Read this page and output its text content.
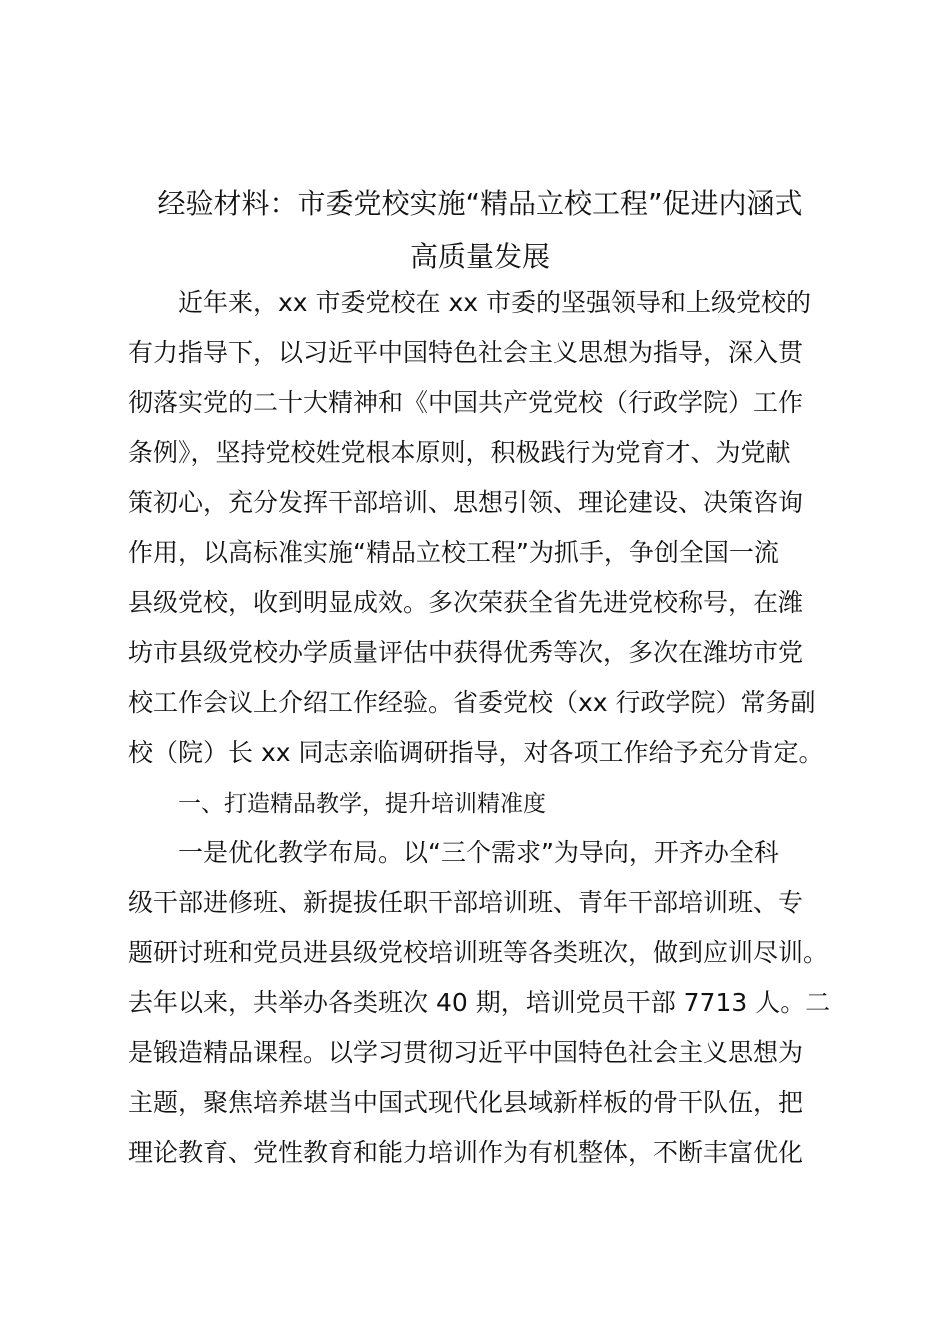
经验材料：市委党校实施“精品立校工程”促进内涵式
高质量发展
近年来，xx 市委党校在 xx 市委的坚强领导和上级党校的
有力指导下，以习近平中国特色社会主义思想为指导，深入贯
彻落实党的二十大精神和《中国共产党党校（行政学院）工作
条例》，坚持党校姓党根本原则，积极践行为党育才、为党献
策初心，充分发挥干部培训、思想引领、理论建设、决策咨询
作用，以高标准实施“精品立校工程”为抓手，争创全国一流
县级党校，收到明显成效。多次荣获全省先进党校称号，在潍
坊市县级党校办学质量评估中获得优秀等次，多次在潍坊市党
校工作会议上介绍工作经验。省委党校（xx 行政学院）常务副
校（院）长 xx 同志亲临调研指导，对各项工作给予充分肯定。
一、打造精品教学，提升培训精准度
一是优化教学布局。以“三个需求”为导向，开齐办全科
级干部进修班、新提拔任职干部培训班、青年干部培训班、专
题研讨班和党员进县级党校培训班等各类班次，做到应训尽训。
去年以来，共举办各类班次 40 期，培训党员干部 7713 人。二
是锻造精品课程。以学习贯彻习近平中国特色社会主义思想为
主题，聚焦培养堪当中国式现代化县域新样板的骨干队伍，把
理论教育、党性教育和能力培训作为有机整体，不断丰富优化
